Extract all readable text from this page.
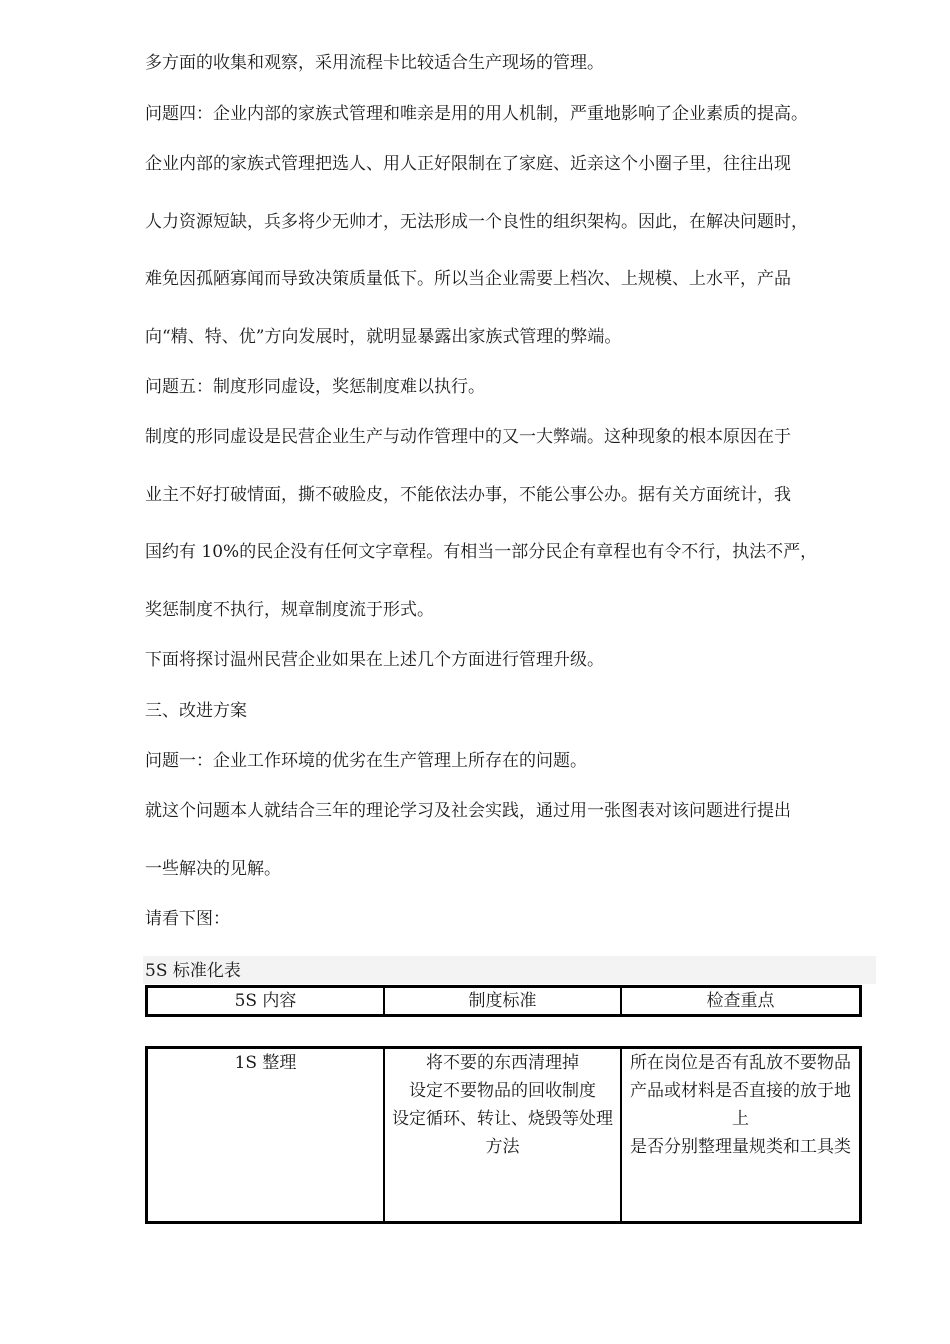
多方面的收集和观察，采用流程卡比较适合生产现场的管理。
问题四：企业内部的家族式管理和唯亲是用的用人机制，严重地影响了企业素质的提高。
企业内部的家族式管理把选人、用人正好限制在了家庭、近亲这个小圈子里，往往出现
人力资源短缺，兵多将少无帅才，无法形成一个良性的组织架构。因此，在解决问题时，
难免因孤陋寡闻而导致决策质量低下。所以当企业需要上档次、上规模、上水平，产品
向“精、特、优”方向发展时，就明显暴露出家族式管理的弊端。
问题五：制度形同虚设，奖惩制度难以执行。
制度的形同虚设是民营企业生产与动作管理中的又一大弊端。这种现象的根本原因在于
业主不好打破情面，撕不破脸皮，不能依法办事，不能公事公办。据有关方面统计，我
国约有 10%的民企没有任何文字章程。有相当一部分民企有章程也有令不行，执法不严，
奖惩制度不执行，规章制度流于形式。
下面将探讨温州民营企业如果在上述几个方面进行管理升级。
三、改进方案
问题一：企业工作环境的优劣在生产管理上所存在的问题。
就这个问题本人就结合三年的理论学习及社会实践，通过用一张图表对该问题进行提出
一些解决的见解。
请看下图：
5S 标准化表
5S 内容	制度标准	检查重点
1S 整理	将不要的东西清理掉
设定不要物品的回收制度
设定循环、转让、烧毁等处理方法	所在岗位是否有乱放不要物品
产品或材料是否直接的放于地上
是否分别整理量规类和工具类
